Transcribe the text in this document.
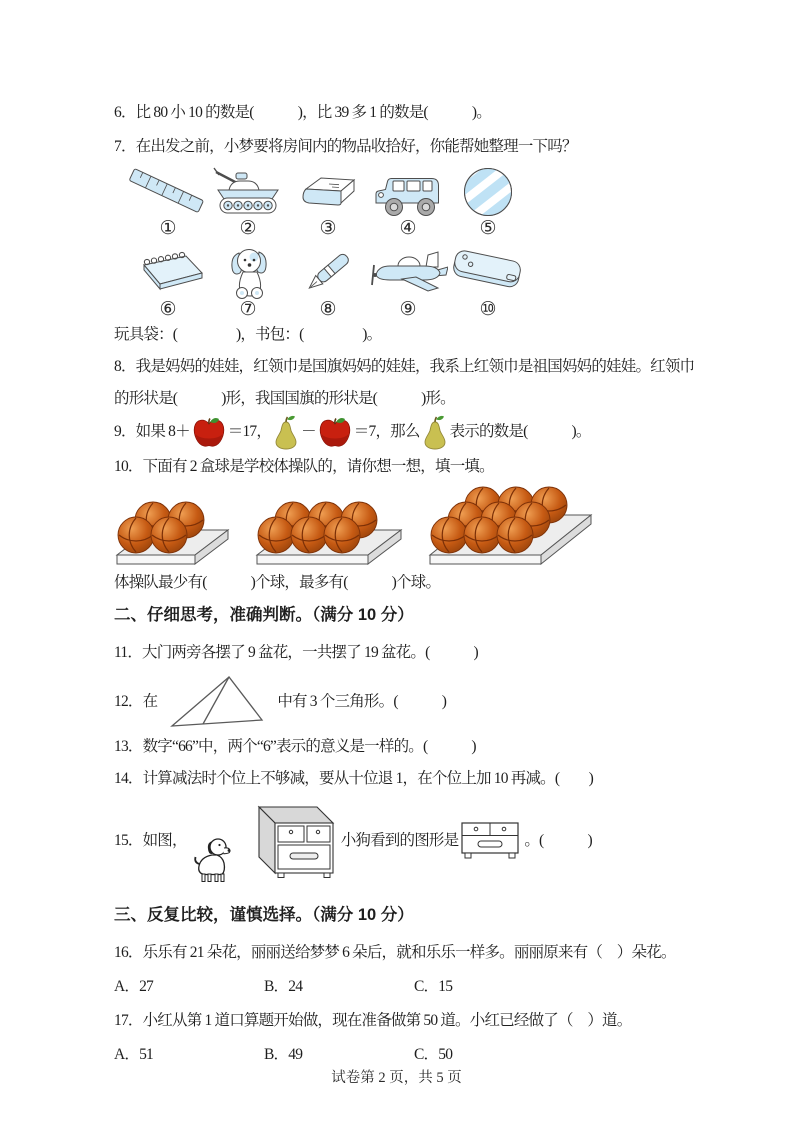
6．比 80 小 10 的数是(　　　)，比 39 多 1 的数是(　　　)。

7．在出发之前，小梦要将房间内的物品收拾好，你能帮她整理一下吗？

①	②	③	④	⑤
⑥	⑦	⑧	⑨	⑩

玩具袋：(　　　　)，书包：(　　　　)。

8．我是妈妈的娃娃，红领巾是国旗妈妈的娃娃，我系上红领巾是祖国妈妈的娃娃。红领巾

的形状是(　　　)形，我国国旗的形状是(　　　)形。

9．如果 8＋ ＝17， － ＝7，那么 表示的数是(　　　)。

10．下面有 2 盒球是学校体操队的，请你想一想，填一填。

体操队最少有(　　　)个球，最多有(　　　)个球。

二、仔细思考，准确判断。（满分 10 分）

11．大门两旁各摆了 9 盆花，一共摆了 19 盆花。(　　　)

12．在	中有 3 个三角形。(　　　)

13．数字“66”中，两个“6”表示的意义是一样的。(　　　)

14．计算减法时个位上不够减，要从十位退 1，在个位上加 10 再减。(　　)

15．如图，	小狗看到的图形是	。(　　　)
三、反复比较，谨慎选择。（满分 10 分）

16．乐乐有 21 朵花，丽丽送给梦梦 6 朵后，就和乐乐一样多。丽丽原来有（　）朵花。

A．27	B．24	C．15

17．小红从第 1 道口算题开始做，现在准备做第 50 道。小红已经做了（　）道。

A．51	B．49	C．50
试卷第 2 页，共 5 页
